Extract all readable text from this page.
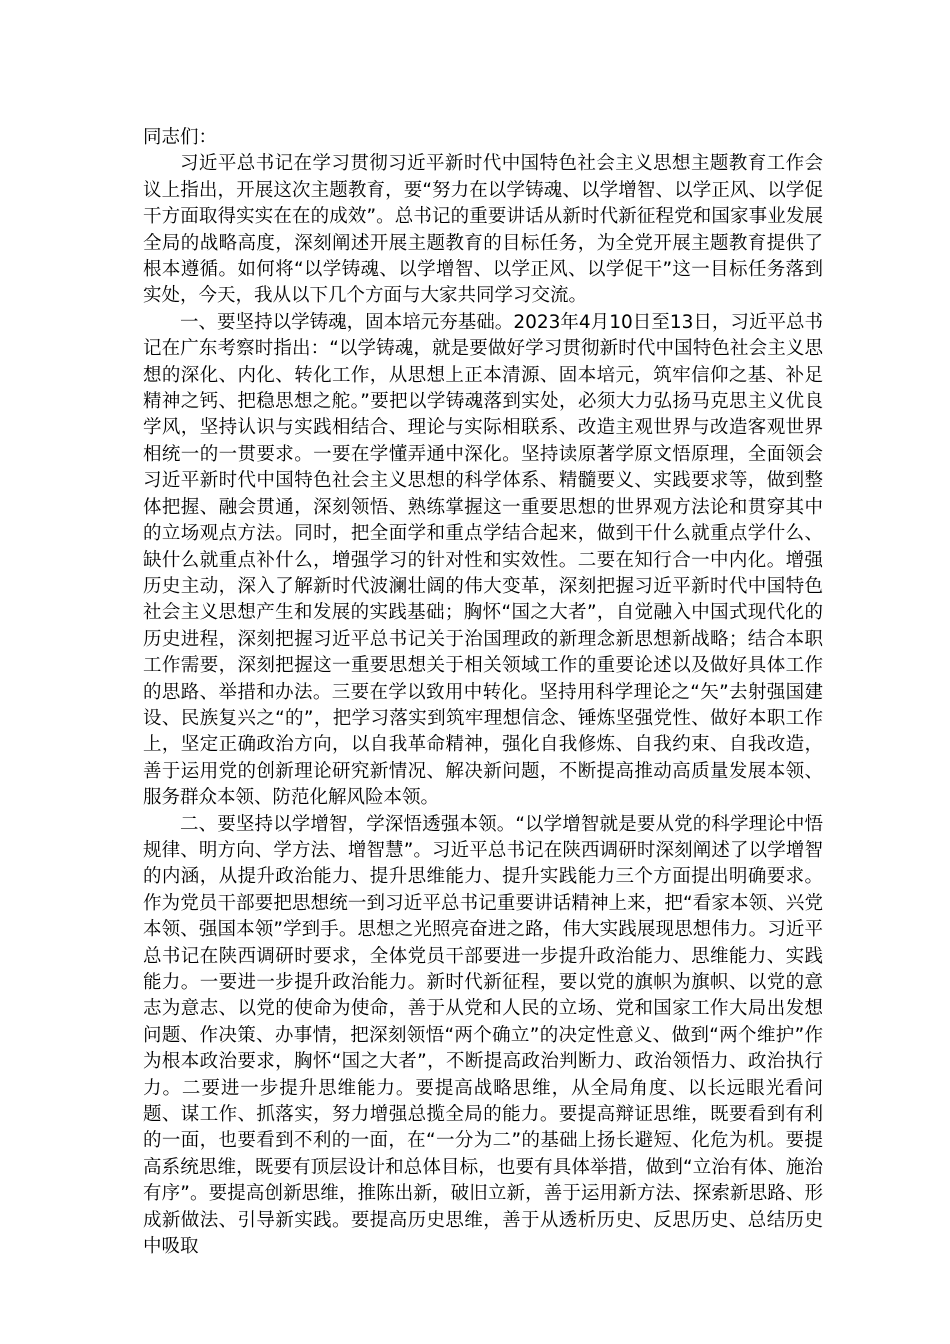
同志们：

习近平总书记在学习贯彻习近平新时代中国特色社会主义思想主题教育工作会议上指出，开展这次主题教育，要“努力在以学铸魂、以学增智、以学正风、以学促干方面取得实实在在的成效”。总书记的重要讲话从新时代新征程党和国家事业发展全局的战略高度，深刻阐述开展主题教育的目标任务，为全党开展主题教育提供了根本遵循。如何将“以学铸魂、以学增智、以学正风、以学促干”这一目标任务落到实处，今天，我从以下几个方面与大家共同学习交流。

一、要坚持以学铸魂，固本培元夯基础。2023年4月10日至13日，习近平总书记在广东考察时指出：“以学铸魂，就是要做好学习贯彻新时代中国特色社会主义思想的深化、内化、转化工作，从思想上正本清源、固本培元，筑牢信仰之基、补足精神之钙、把稳思想之舵。”要把以学铸魂落到实处，必须大力弘扬马克思主义优良学风，坚持认识与实践相结合、理论与实际相联系、改造主观世界与改造客观世界相统一的一贯要求。一要在学懂弄通中深化。坚持读原著学原文悟原理，全面领会习近平新时代中国特色社会主义思想的科学体系、精髓要义、实践要求等，做到整体把握、融会贯通，深刻领悟、熟练掌握这一重要思想的世界观方法论和贯穿其中的立场观点方法。同时，把全面学和重点学结合起来，做到干什么就重点学什么、缺什么就重点补什么，增强学习的针对性和实效性。二要在知行合一中内化。增强历史主动，深入了解新时代波澜壮阔的伟大变革，深刻把握习近平新时代中国特色社会主义思想产生和发展的实践基础；胸怀“国之大者”，自觉融入中国式现代化的历史进程，深刻把握习近平总书记关于治国理政的新理念新思想新战略；结合本职工作需要，深刻把握这一重要思想关于相关领域工作的重要论述以及做好具体工作的思路、举措和办法。三要在学以致用中转化。坚持用科学理论之“矢”去射强国建设、民族复兴之“的”，把学习落实到筑牢理想信念、锤炼坚强党性、做好本职工作上，坚定正确政治方向，以自我革命精神，强化自我修炼、自我约束、自我改造，善于运用党的创新理论研究新情况、解决新问题，不断提高推动高质量发展本领、服务群众本领、防范化解风险本领。

二、要坚持以学增智，学深悟透强本领。“以学增智就是要从党的科学理论中悟规律、明方向、学方法、增智慧”。习近平总书记在陕西调研时深刻阐述了以学增智的内涵，从提升政治能力、提升思维能力、提升实践能力三个方面提出明确要求。作为党员干部要把思想统一到习近平总书记重要讲话精神上来，把“看家本领、兴党本领、强国本领”学到手。思想之光照亮奋进之路，伟大实践展现思想伟力。习近平总书记在陕西调研时要求，全体党员干部要进一步提升政治能力、思维能力、实践能力。一要进一步提升政治能力。新时代新征程，要以党的旗帜为旗帜、以党的意志为意志、以党的使命为使命，善于从党和人民的立场、党和国家工作大局出发想问题、作决策、办事情，把深刻领悟“两个确立”的决定性意义、做到“两个维护”作为根本政治要求，胸怀“国之大者”，不断提高政治判断力、政治领悟力、政治执行力。二要进一步提升思维能力。要提高战略思维，从全局角度、以长远眼光看问题、谋工作、抓落实，努力增强总揽全局的能力。要提高辩证思维，既要看到有利的一面，也要看到不利的一面，在“一分为二”的基础上扬长避短、化危为机。要提高系统思维，既要有顶层设计和总体目标，也要有具体举措，做到“立治有体、施治有序”。要提高创新思维，推陈出新，破旧立新，善于运用新方法、探索新思路、形成新做法、引导新实践。要提高历史思维，善于从透析历史、反思历史、总结历史中吸取
